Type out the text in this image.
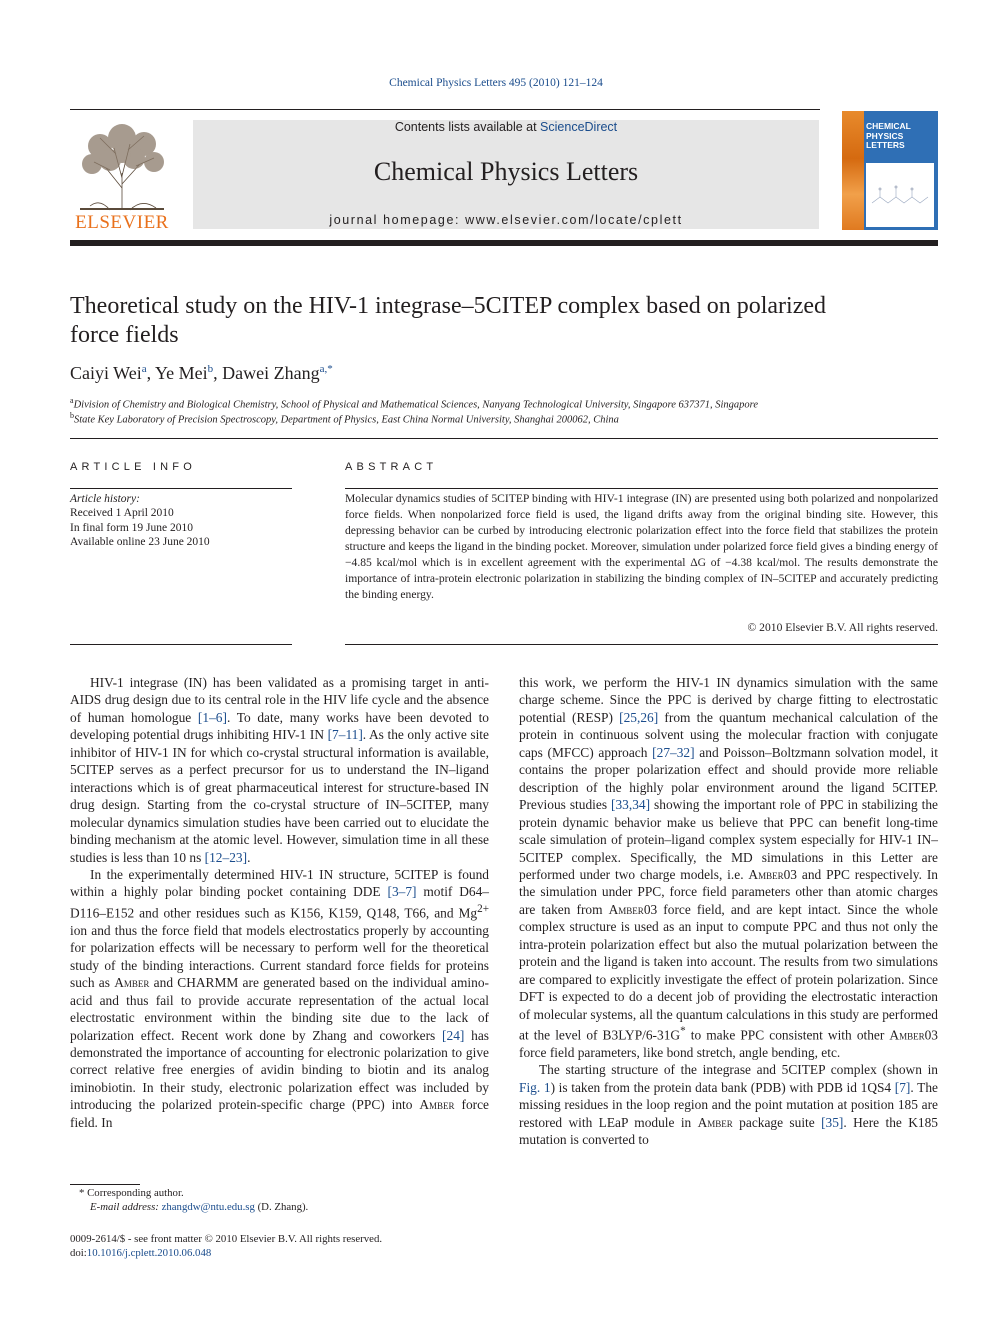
Chemical Physics Letters 495 (2010) 121–124
ELSEVIER
Contents lists available at ScienceDirect
Chemical Physics Letters
journal homepage: www.elsevier.com/locate/cplett
CHEMICAL
PHYSICS
LETTERS
Theoretical study on the HIV-1 integrase–5CITEP complex based on polarized
force fields
Caiyi Wei$^a$, Ye Mei$^b$, Dawei Zhang$^{a,*}$
$^a$Division of Chemistry and Biological Chemistry, School of Physical and Mathematical Sciences, Nanyang Technological University, Singapore 637371, Singapore
$^b$State Key Laboratory of Precision Spectroscopy, Department of Physics, East China Normal University, Shanghai 200062, China
ARTICLE INFO
Article history:
Received 1 April 2010
In final form 19 June 2010
Available online 23 June 2010
ABSTRACT
Molecular dynamics studies of 5CITEP binding with HIV-1 integrase (IN) are presented using both polarized and nonpolarized force fields. When nonpolarized force field is used, the ligand drifts away from the original binding site. However, this depressing behavior can be curbed by introducing electronic polarization effect into the force field that stabilizes the protein structure and keeps the ligand in the binding pocket. Moreover, simulation under polarized force field gives a binding energy of −4.85 kcal/mol which is in excellent agreement with the experimental ΔG of −4.38 kcal/mol. The results demonstrate the importance of intra-protein electronic polarization in stabilizing the binding complex of IN–5CITEP and accurately predicting the binding energy.
© 2010 Elsevier B.V. All rights reserved.

HIV-1 integrase (IN) has been validated as a promising target in anti-AIDS drug design due to its central role in the HIV life cycle and the absence of human homologue [1–6]. To date, many works have been devoted to developing potential drugs inhibiting HIV-1 IN [7–11]. As the only active site inhibitor of HIV-1 IN for which co-crystal structural information is available, 5CITEP serves as a perfect precursor for us to understand the IN–ligand interactions which is of great pharmaceutical interest for structure-based IN drug design. Starting from the co-crystal structure of IN–5CITEP, many molecular dynamics simulation studies have been carried out to elucidate the binding mechanism at the atomic level. However, simulation time in all these studies is less than 10 ns [12–23].

In the experimentally determined HIV-1 IN structure, 5CITEP is found within a highly polar binding pocket containing DDE [3–7] motif D64–D116–E152 and other residues such as K156, K159, Q148, T66, and $Mg^{2+}$ ion and thus the force field that models electrostatics properly by accounting for polarization effects will be necessary to perform well for the theoretical study of the binding interactions. Current standard force fields for proteins such as Amber and CHARMM are generated based on the individual amino-acid and thus fail to provide accurate representation of the actual local electrostatic environment within the binding site due to the lack of polarization effect. Recent work done by Zhang and coworkers [24] has demonstrated the importance of accounting for electronic polarization to give correct relative free energies of avidin binding to biotin and its analog iminobiotin. In their study, electronic polarization effect was included by introducing the polarized protein-specific charge (PPC) into Amber force field. In

this work, we perform the HIV-1 IN dynamics simulation with the same charge scheme. Since the PPC is derived by charge fitting to electrostatic potential (RESP) [25,26] from the quantum mechanical calculation of the protein in continuous solvent using the molecular fraction with conjugate caps (MFCC) approach [27–32] and Poisson–Boltzmann solvation model, it contains the proper polarization effect and should provide more reliable description of the highly polar environment around the ligand 5CITEP. Previous studies [33,34] showing the important role of PPC in stabilizing the protein dynamic behavior make us believe that PPC can benefit long-time scale simulation of protein–ligand complex system especially for HIV-1 IN–5CITEP complex. Specifically, the MD simulations in this Letter are performed under two charge models, i.e. Amber03 and PPC respectively. In the simulation under PPC, force field parameters other than atomic charges are taken from Amber03 force field, and are kept intact. Since the whole complex structure is used as an input to compute PPC and thus not only the intra-protein polarization effect but also the mutual polarization between the protein and the ligand is taken into account. The results from two simulations are compared to explicitly investigate the effect of protein polarization. Since DFT is expected to do a decent job of providing the electrostatic interaction of molecular systems, all the quantum calculations in this study are performed at the level of B3LYP/6-31G* to make PPC consistent with other Amber03 force field parameters, like bond stretch, angle bending, etc.

The starting structure of the integrase and 5CITEP complex (shown in Fig. 1) is taken from the protein data bank (PDB) with PDB id 1QS4 [7]. The missing residues in the loop region and the point mutation at position 185 are restored with LEaP module in Amber package suite [35]. Here the K185 mutation is converted to

* Corresponding author.
E-mail address: zhangdw@ntu.edu.sg (D. Zhang).
0009-2614/$ - see front matter © 2010 Elsevier B.V. All rights reserved.
doi:10.1016/j.cplett.2010.06.048
